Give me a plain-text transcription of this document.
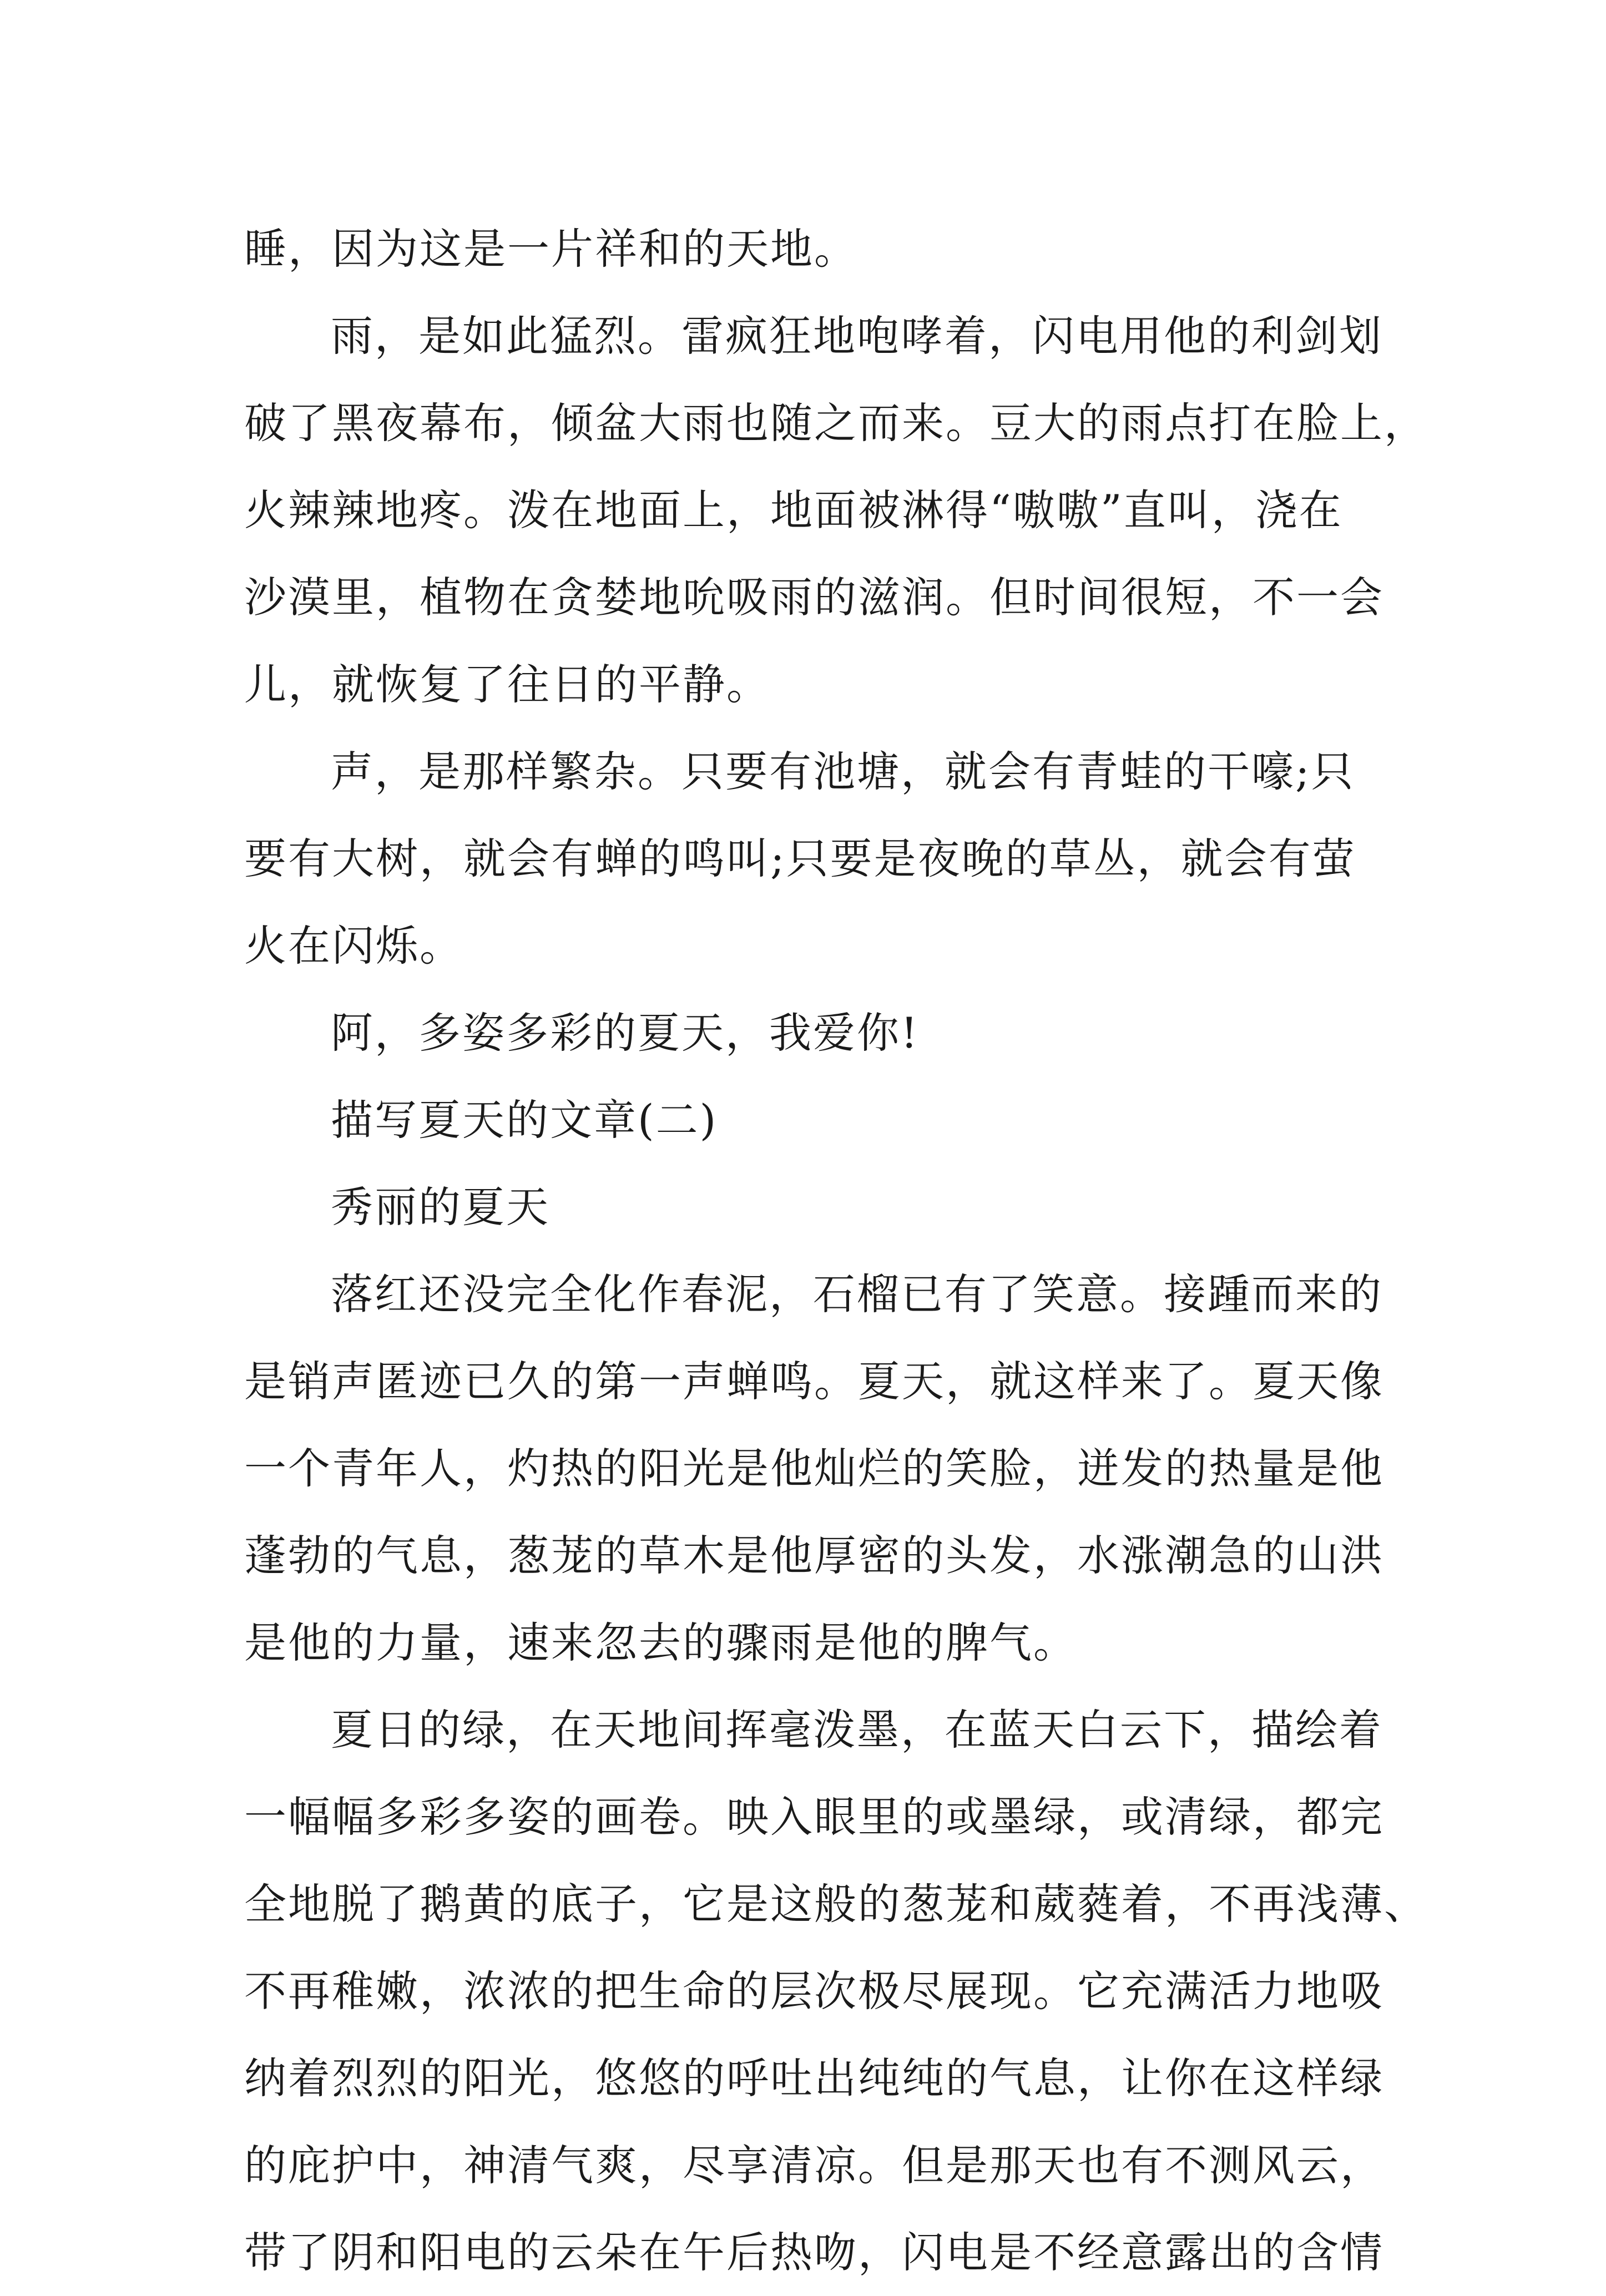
睡，因为这是一片祥和的天地。
雨，是如此猛烈。雷疯狂地咆哮着，闪电用他的利剑划
破了黑夜幕布，倾盆大雨也随之而来。豆大的雨点打在脸上，
火辣辣地疼。泼在地面上，地面被淋得“嗷嗷”直叫，浇在
沙漠里，植物在贪婪地吮吸雨的滋润。但时间很短，不一会
儿，就恢复了往日的平静。
声，是那样繁杂。只要有池塘，就会有青蛙的干嚎;只
要有大树，就会有蝉的鸣叫;只要是夜晚的草丛，就会有萤
火在闪烁。
阿，多姿多彩的夏天，我爱你!
描写夏天的文章(二)
秀丽的夏天
落红还没完全化作春泥，石榴已有了笑意。接踵而来的
是销声匿迹已久的第一声蝉鸣。夏天，就这样来了。夏天像
一个青年人，灼热的阳光是他灿烂的笑脸，迸发的热量是他
蓬勃的气息，葱茏的草木是他厚密的头发，水涨潮急的山洪
是他的力量，速来忽去的骤雨是他的脾气。
夏日的绿，在天地间挥毫泼墨，在蓝天白云下，描绘着
一幅幅多彩多姿的画卷。映入眼里的或墨绿，或清绿，都完
全地脱了鹅黄的底子，它是这般的葱茏和葳蕤着，不再浅薄、
不再稚嫩，浓浓的把生命的层次极尽展现。它充满活力地吸
纳着烈烈的阳光，悠悠的呼吐出纯纯的气息，让你在这样绿
的庇护中，神清气爽，尽享清凉。但是那天也有不测风云，
带了阴和阳电的云朵在午后热吻，闪电是不经意露出的含情
